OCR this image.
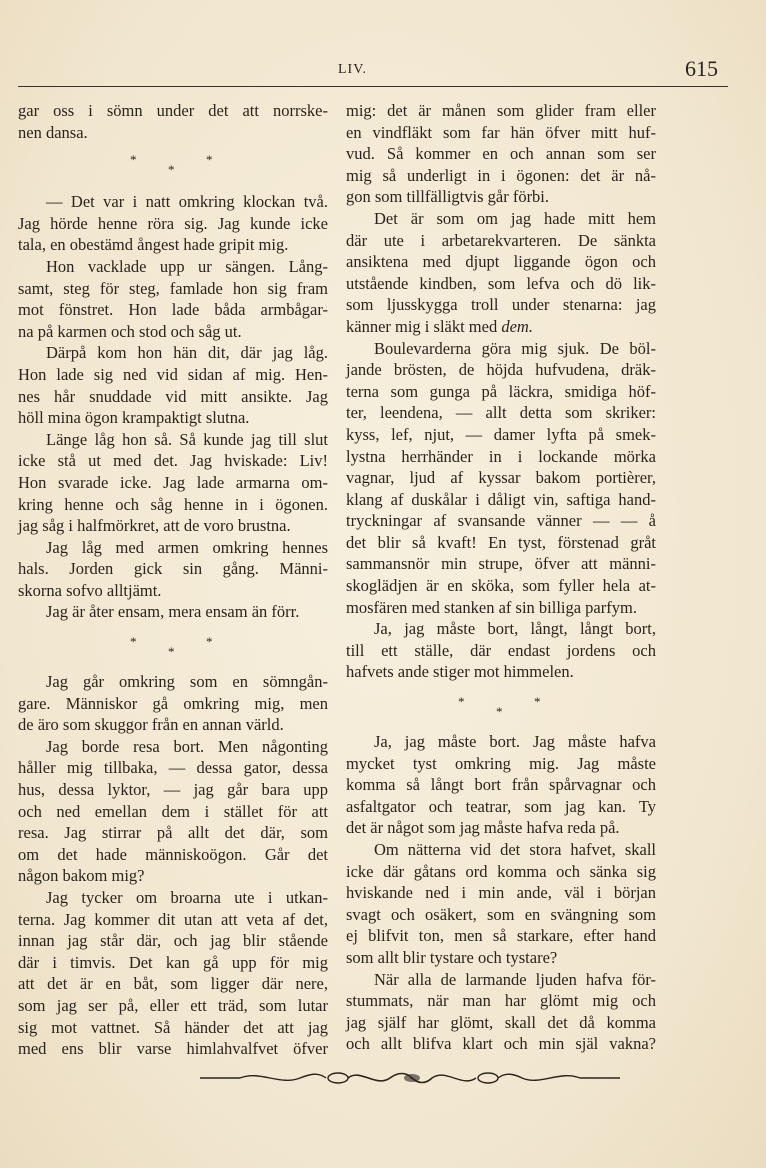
LIV.	615
gar oss i sömn under det att norrske-
nen dansa.
*
*
*
— Det var i natt omkring klockan två.
Jag hörde henne röra sig. Jag kunde icke
tala, en obestämd ångest hade gripit mig.
Hon vacklade upp ur sängen. Lång-
samt, steg för steg, famlade hon sig fram
mot fönstret. Hon lade båda armbågar-
na på karmen och stod och såg ut.
Därpå kom hon hän dit, där jag låg.
Hon lade sig ned vid sidan af mig. Hen-
nes hår snuddade vid mitt ansikte. Jag
höll mina ögon krampaktigt slutna.
Länge låg hon så. Så kunde jag till slut
icke stå ut med det. Jag hviskade: Liv!
Hon svarade icke. Jag lade armarna om-
kring henne och såg henne in i ögonen.
jag såg i halfmörkret, att de voro brustna.
Jag låg med armen omkring hennes
hals. Jorden gick sin gång. Männi-
skorna sofvo alltjämt.
Jag är åter ensam, mera ensam än förr.
*
*
*
Jag går omkring som en sömngån-
gare. Människor gå omkring mig, men
de äro som skuggor från en annan värld.
Jag borde resa bort. Men någonting
håller mig tillbaka, — dessa gator, dessa
hus, dessa lyktor, — jag går bara upp
och ned emellan dem i stället för att
resa. Jag stirrar på allt det där, som
om det hade människoögon. Går det
någon bakom mig?
Jag tycker om broarna ute i utkan-
terna. Jag kommer dit utan att veta af det,
innan jag står där, och jag blir stående
där i timvis. Det kan gå upp för mig
att det är en båt, som ligger där nere,
som jag ser på, eller ett träd, som lutar
sig mot vattnet. Så händer det att jag
med ens blir varse himlahvalfvet öfver
mig: det är månen som glider fram eller
en vindfläkt som far hän öfver mitt huf-
vud. Så kommer en och annan som ser
mig så underligt in i ögonen: det är nå-
gon som tillfälligtvis går förbi.
Det är som om jag hade mitt hem
där ute i arbetarekvarteren. De sänkta
ansiktena med djupt liggande ögon och
utstående kindben, som lefva och dö lik-
som ljusskygga troll under stenarna: jag
känner mig i släkt med dem.
Boulevarderna göra mig sjuk. De böl-
jande brösten, de höjda hufvudena, dräk-
terna som gunga på läckra, smidiga höf-
ter, leendena, — allt detta som skriker:
kyss, lef, njut, — damer lyfta på smek-
lystna herrhänder in i lockande mörka
vagnar, ljud af kyssar bakom portièrer,
klang af duskålar i dåligt vin, saftiga hand-
tryckningar af svansande vänner — — å
det blir så kvaft! En tyst, förstenad gråt
sammansnör min strupe, öfver att männi-
skoglädjen är en sköka, som fyller hela at-
mosfären med stanken af sin billiga parfym.
Ja, jag måste bort, långt, långt bort,
till ett ställe, där endast jordens och
hafvets ande stiger mot himmelen.
*
*
*
Ja, jag måste bort. Jag måste hafva
mycket tyst omkring mig. Jag måste
komma så långt bort från spårvagnar och
asfaltgator och teatrar, som jag kan. Ty
det är något som jag måste hafva reda på.
Om nätterna vid det stora hafvet, skall
icke där gåtans ord komma och sänka sig
hviskande ned i min ande, väl i början
svagt och osäkert, som en svängning som
ej blifvit ton, men så starkare, efter hand
som allt blir tystare och tystare?
När alla de larmande ljuden hafva för-
stummats, när man har glömt mig och
jag själf har glömt, skall det då komma
och allt blifva klart och min själ vakna?
